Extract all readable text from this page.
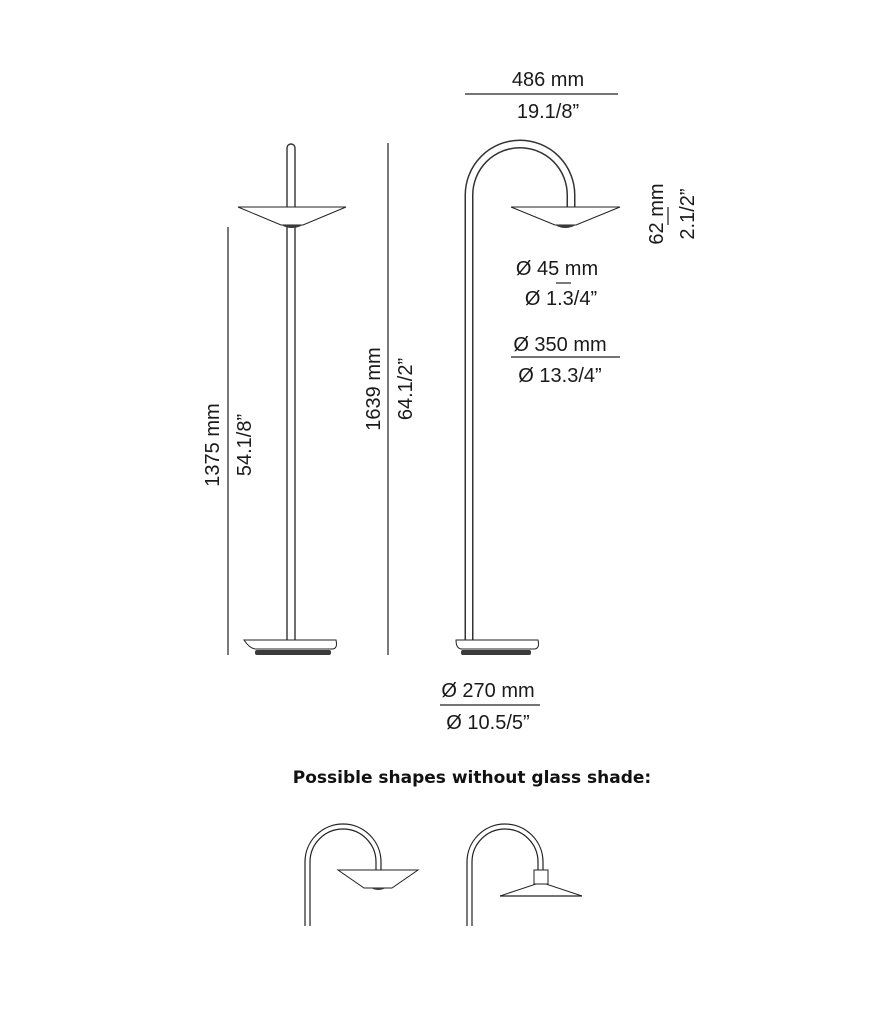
1375 mm 54.1/8”
1639 mm 64.1/2”
486 mm
19.1/8”
62 mm 2.1/2”
Ø 45 mm
Ø 1.3/4”
Ø 350 mm
Ø 13.3/4”
Ø 270 mm
Ø 10.5/5”
Possible shapes without glass shade:
